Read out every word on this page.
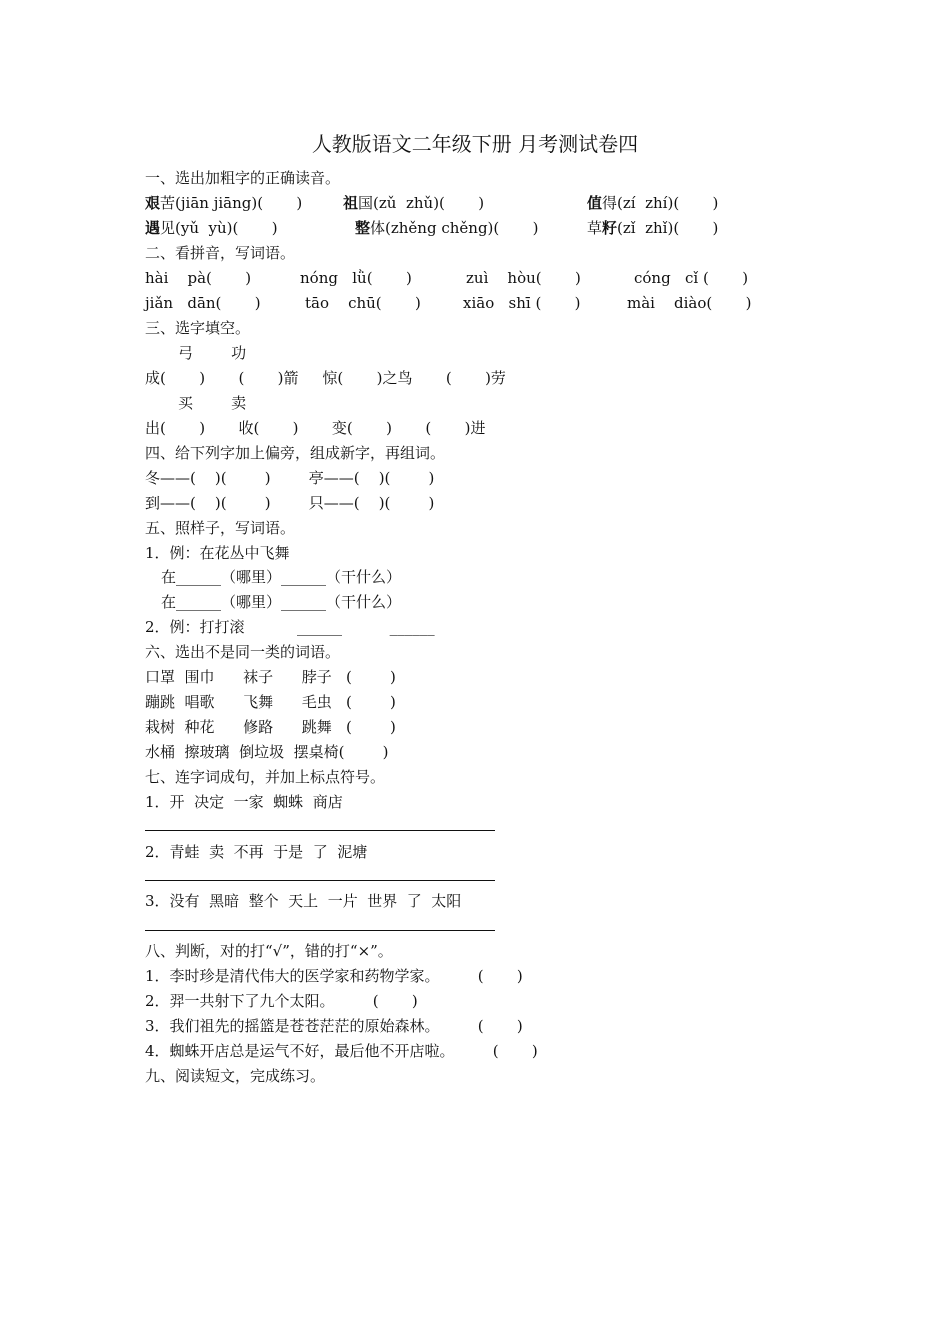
人教版语文二年级下册 月考测试卷四
一、选出加粗字的正确读音。
艰苦(jiān jiāng)(       )	祖国(zǔ  zhǔ)(       )	值得(zí  zhí)(       )
遇见(yǔ  yù)(       )	整体(zhěng chěng)(       )	草籽(zǐ  zhǐ)(       )
二、看拼音，写词语。
hài    pà(       )	nóng   lǜ(       )	zuì    hòu(       )	cóng   cǐ (       )
jiǎn   dān(       )	tāo    chū(       )	xiāo   shī (       )	mài    diào(       )
三、选字填空。
弓        功
成(       )       (       )箭     惊(       )之鸟       (       )劳
买        卖
出(       )       收(       )       变(       )       (       )进
四、给下列字加上偏旁，组成新字，再组词。
冬——(    )(        )        亭——(    )(        )
到——(    )(        )        只——(    )(        )
五、照样子，写词语。
1．例：在花丛中飞舞
在______（哪里）______（干什么）
在______（哪里）______（干什么）
2．例：打打滚           ______          ______
六、选出不是同一类的词语。
口罩  围巾      袜子      脖子   (        )
蹦跳  唱歌      飞舞      毛虫   (        )
栽树  种花      修路      跳舞   (        )
水桶  擦玻璃  倒垃圾  摆桌椅(        )
七、连字词成句，并加上标点符号。
1．开  决定  一家  蜘蛛  商店
2．青蛙  卖  不再  于是  了  泥塘
3．没有  黑暗  整个  天上  一片  世界  了  太阳
八、判断，对的打“√”，错的打“×”。
1．李时珍是清代伟大的医学家和药物学家。        (       )
2．羿一共射下了九个太阳。        (       )
3．我们祖先的摇篮是苍苍茫茫的原始森林。        (       )
4．蜘蛛开店总是运气不好，最后他不开店啦。        (       )
九、阅读短文，完成练习。
